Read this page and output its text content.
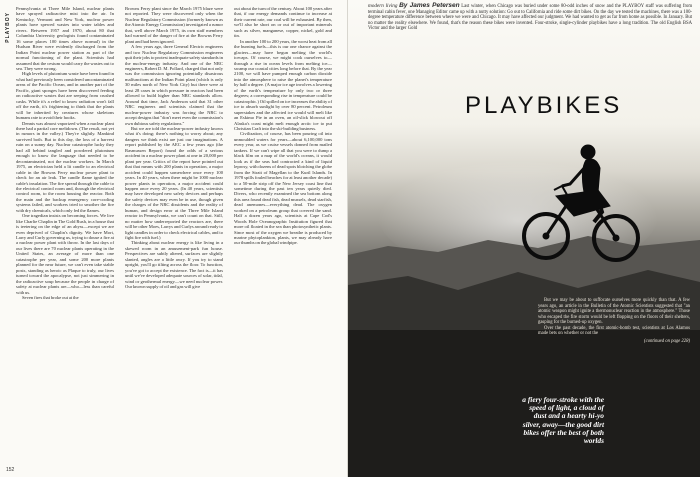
PLAYBOY

Pennsylvania at Three Mile Island, nuclear plants have sprayed radioactive mist into the air. In Kentucky, Vermont and New York, nuclear power plants have spewed wastes into water tables and rivers. Between 1957 and 1970, about 80 that Columbia University geologists found contaminated 16 some places 100 times above normal) in the Hudson River were evidently discharged from the Indian Point nuclear power station as part of the normal functioning of the plant. Scientists had assumed that the cesium would carry the wastes out to sea. They were wrong.

High levels of plutonium waste have been found in what had previously been considered uncontaminated areas of the Pacific Ocean, and in another part of the Pacific, giant sponges have been discovered feeding on radioactive wastes that are seeping from crushed casks. While it's a relief to know radiation won't fall off the earth, it's frightening to think that the plants will be inherited by creatures whose skeletons humans rate to avoid their hooks.

Dennis was almost vaporized when a nuclear plant there had a partial core meltdown. (The result, not yet in rumors in the valley.) They're slightly. Mankind survived both. But to this day, the loss of a harvest ruin on a sunny day. Nuclear catastrophe lucky they had all behind tangled and powdered plutonium enough to know the language that needed to be decontaminated, not the nuclear workers. In March 1975, an electrician held a lit candle to an electrical cable in the Browns Ferry nuclear power plant to check for an air leak. The candle flame ignited the cable's insulation. The fire spread through the cable to the electrical control room and, through the electrical control room, to the room housing the reactor. Both the main and the backup emergency core-cooling systems failed, and workers tried to smother the fire with dry chemicals, which only fed the flames.

One tragedian insists on becoming forces. We live like Charlie Chaplin in The Gold Rush, in a house that is teetering on the edge of an abyss—except we are even deprived of Chaplin's dignity. We have Mort, Larry and Curly governing us, trying to douse a fire at a nuclear power plant with throw. In the last days of our lives there are 70 nuclear plants operating in the United States, an average of more than one catastrophe per year, and some 200 more plants planned for the near future, we can't even take stable posts, standing as heroic as Plaque to truly, our lives turned toward the apocalypse, not just simmering in the radioactive soup because the people in charge of safety at nuclear plants are—who—less than careful with us.

Seven fires that broke out at the

Browns Ferry plant since the March 1975 blaze were not reported. They were discovered only when the Nuclear Regulatory Commission (formerly known as the Atomic Energy Commission) investigated a rumor that, well above March 1975, its own staff members had warned of the danger of fire at the Browns Ferry plant and had been ignored.

A few years ago, three General Electric engineers and two Nuclear Regulatory Commission engineers quit their jobs to protest inadequate safety standards in the nuclear-energy industry. And one of the NRC engineers, Robert D. M. Pollard, charged that not only was the commission ignoring potentially disastrous malfunctions at the Indian Point plant (which is only 30 miles north of New York City) but there were at least 28 cases in which pressure in reactors had been allowed to build higher than NRC standards allow. Around that time, Jack Anderson said that 31 other NRC engineers and scientists claimed that the nuclear-power industry was forcing the NRC to accept designs that "don't meet even the commission's own dubious safety regulations."

But we are told the nuclear-power industry knows what it's doing; there's nothing to worry about; any dangers we think exist are just our imaginations. A report published by the AEC a few years ago (the Rasmussen Report) found the odds of a serious accident in a nuclear power plant at one in 20,000 per plant per year. Critics of the report have pointed out that that means with 200 plants in operation, a major accident could happen somewhere once every 100 years. In 40 years, when there might be 1000 nuclear power plants in operation, a major accident could happen once every 20 years. (In 40 years, scientists may have developed new safety devices and perhaps the safety devices may even be in use, though given the charges of the NRC dissidents and the reality of human, and design error at the Three Mile Island reactor in Pennsylvania, we can't count on that. Still, no matter how underreported the reactors are, there will be other Moes, Larrys and Curlys around ready to light candles in order to check electrical cables, and to fight fire with fuel.)

Thinking about nuclear energy is like living in a skewed room in an amusement-park fun house. Perspectives are subtly altered, surfaces are slightly slanted, angles are a little awry. If you try to stand upright, you'll go tilting across the floor. To function, you've got to accept the existence. The fact is—it has until we've developed adequate sources of solar, tidal, wind or geothermal energy—we need nuclear power. Our known supply of oil and gas will give

out about the turn of the century. About 100 years after that, if our energy demands continue to increase at their current rate, our coal will be exhausted. By then, we'll also be short on or out of important minerals such as silver, manganese, copper, nickel, gold and tin.

In another 100 to 200 years, the worst heat from all the burning fuels—this is our one chance against the glaciers—may have begun melting the world's icecaps. Of course, we might cook ourselves to—through a rise in ocean levels from melting ice—swamp our coastal cities long before that. By the year 2100, we will have pumped enough carbon dioxide into the atmosphere to raise the planet's temperature by half a degree. (A major ice age involves a lowering of the earth's temperature by only two or three degrees; a corresponding rise in temperature could be catastrophic.) Oil spilled on ice increases the ability of ice to absorb sunlight by over 80 percent. Petroleum superstakes and the affected ice would will melt like an Eskimo Pie in an oven, an oil-slick blowout off Alaska's coast might melt enough arctic ice to put Christian Craft into the ski-building business.

Civilization, of course, has been pouring oil into unmoulded waters for years—about 6,100,000 tons every year, as we cruise vessels donned from mailed tankers. If we can't wipe all that you were to dump a black film on a map of the world's oceans, it would look as if the seas had contracted a kind of liquid leprosy, with dozens of dead spots blotching the globe from the Strait of Magellan to the Kuril Islands. In 1978 spills fouled beaches for at least another decade) to a 50-mile strip off the New Jersey coast line that sometime during the past ten years quietly died. Divers, who recently examined the sea bottom along this area found dead fish, dead mussels, dead starfish, dead anemones—everything dead. The oxygen worked on a petroleum group that covered the sand. Half a dozen years ago, scientists at Cape Cod's Woods Hole Oceanographic Institution figured that more oil floated in the sea than photosynthetic plants. Since most of the oxygen we breathe is produced by marine phytoplankton, plants, we may already have our thumbs on the global windpipe.

152
modern living By James Petersen Last winter, when Chicago was buried under some 80-odd inches of snow and the PLAYBOY staff was suffering from terminal cabin fever, one Managing Editor came up with a nutty solution: Go out to California and ride some dirt bikes. On the day we tested the machines, there was a 100-degree temperature difference between where we were and Chicago. It may have affected our judgment. We had wanted to get as far from home as possible. In January. But no matter the reality elsewhere. We found, that's the reason these bikes were invented. Four-stroke, single-cylinder playbikes have a long tradition. The old English BSA Victor and the larger Gold
PLAYBIKES

But we may be about to suffocate ourselves more quickly than that. A few years ago, an article in the Bulletin of the Atomic Scientists suggested that "an atomic weapon might ignite a thermonuclear reaction in the atmosphere." Those who escaped the fire storm would be left flopping on the floors of their shelters, gasping for the burned-up oxygen.

Over the past decade, the first atomic-bomb test, scientists at Los Alamos made bets on whether or not the

(continued on page 228)
a fiery four-stroke with the speed of light, a cloud of dust and a hearty hi-yo silver, away—the good dirt bikes offer the best of both worlds
